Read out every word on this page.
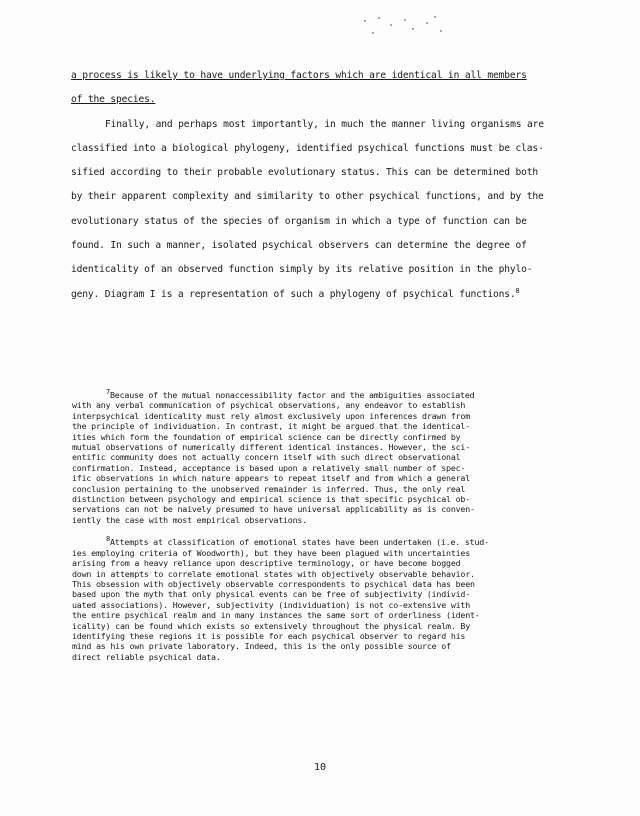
a process is likely to have underlying factors which are identical in all members
of the species.

Finally, and perhaps most importantly, in much the manner living organisms are
classified into a biological phylogeny, identified psychical functions must be clas-
sified according to their probable evolutionary status. This can be determined both
by their apparent complexity and similarity to other psychical functions, and by the
evolutionary status of the species of organism in which a type of function can be
found. In such a manner, isolated psychical observers can determine the degree of
identicality of an observed function simply by its relative position in the phylo-
geny. Diagram I is a representation of such a phylogeny of psychical functions.$^8$

$^7$Because of the mutual nonaccessibility factor and the ambiguities associated
with any verbal communication of psychical observations, any endeavor to establish
interpsychical identicality must rely almost exclusively upon inferences drawn from
the principle of individuation. In contrast, it might be argued that the identical-
ities which form the foundation of empirical science can be directly confirmed by
mutual observations of numerically different identical instances. However, the sci-
entific community does not actually concern itself with such direct observational
confirmation. Instead, acceptance is based upon a relatively small number of spec-
ific observations in which nature appears to repeat itself and from which a general
conclusion pertaining to the unobserved remainder is inferred. Thus, the only real
distinction between psychology and empirical science is that specific psychical ob-
servations can not be naively presumed to have universal applicability as is conven-
iently the case with most empirical observations.

$^8$Attempts at classification of emotional states have been undertaken (i.e. stud-
ies employing criteria of Woodworth), but they have been plagued with uncertainties
arising from a heavy reliance upon descriptive terminology, or have become bogged
down in attempts to correlate emotional states with objectively observable behavior.
This obsession with objectively observable correspondents to psychical data has been
based upon the myth that only physical events can be free of subjectivity (individ-
uated associations). However, subjectivity (individuation) is not co-extensive with
the entire psychical realm and in many instances the same sort of orderliness (ident-
icality) can be found which exists so extensively throughout the physical realm. By
identifying these regions it is possible for each psychical observer to regard his
mind as his own private laboratory. Indeed, this is the only possible source of
direct reliable psychical data.

10
